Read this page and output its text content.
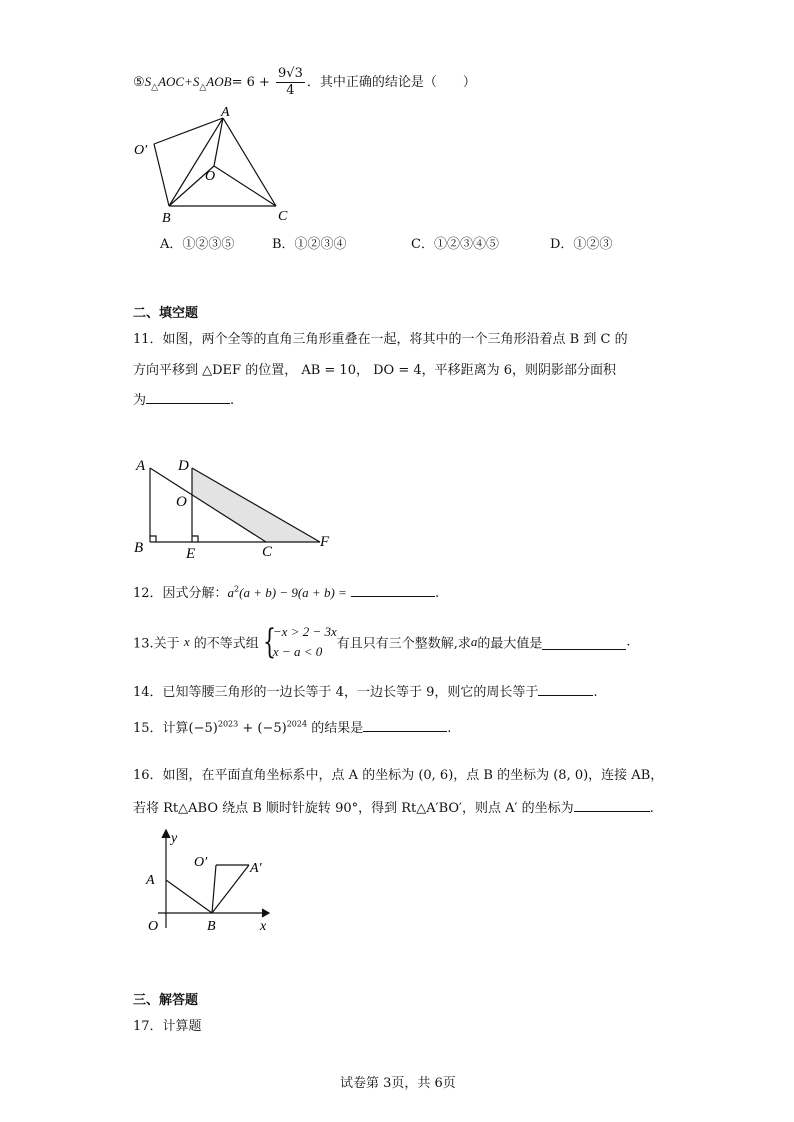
$⑤S_\triangle AOC+S_\triangle AOB= 6 + \frac{9√3}{4}$ ．其中正确的结论是（　　）
A
O′
O
B	C
A．①②③⑤	B．①②③④	C．①②③④⑤	D．①②③
二、填空题
11．如图，两个全等的直角三角形重叠在一起，将其中的一个三角形沿着点 B 到 C 的
方向平移到 △DEF 的位置， AB = 10， DO = 4，平移距离为 6，则阴影部分面积
为	.
A D
O
B	E	C
F
12．因式分解：$a^2(a + b) - 9(a + b)$ =	.
13.关于 x 的不等式组 {
−x > 2 − 3x
x − a < 0	有且只有三个整数解,求a的最大值是	.
14．已知等腰三角形的一边长等于 4，一边长等于 9，则它的周长等于	.
15．计算$(-5)^{2023} + (-5)^{2024}$ 的结果是	.
16．如图，在平面直角坐标系中，点 A 的坐标为 (0, 6)，点 B 的坐标为 (8, 0)，连接 AB，
若将 Rt△ABO 绕点 B 顺时针旋转 90°，得到 Rt△A′BO′，则点 A′ 的坐标为	.
y
x
A
O′	A′
O	B
三、解答题
17．计算题
试卷第 3页，共 6页
